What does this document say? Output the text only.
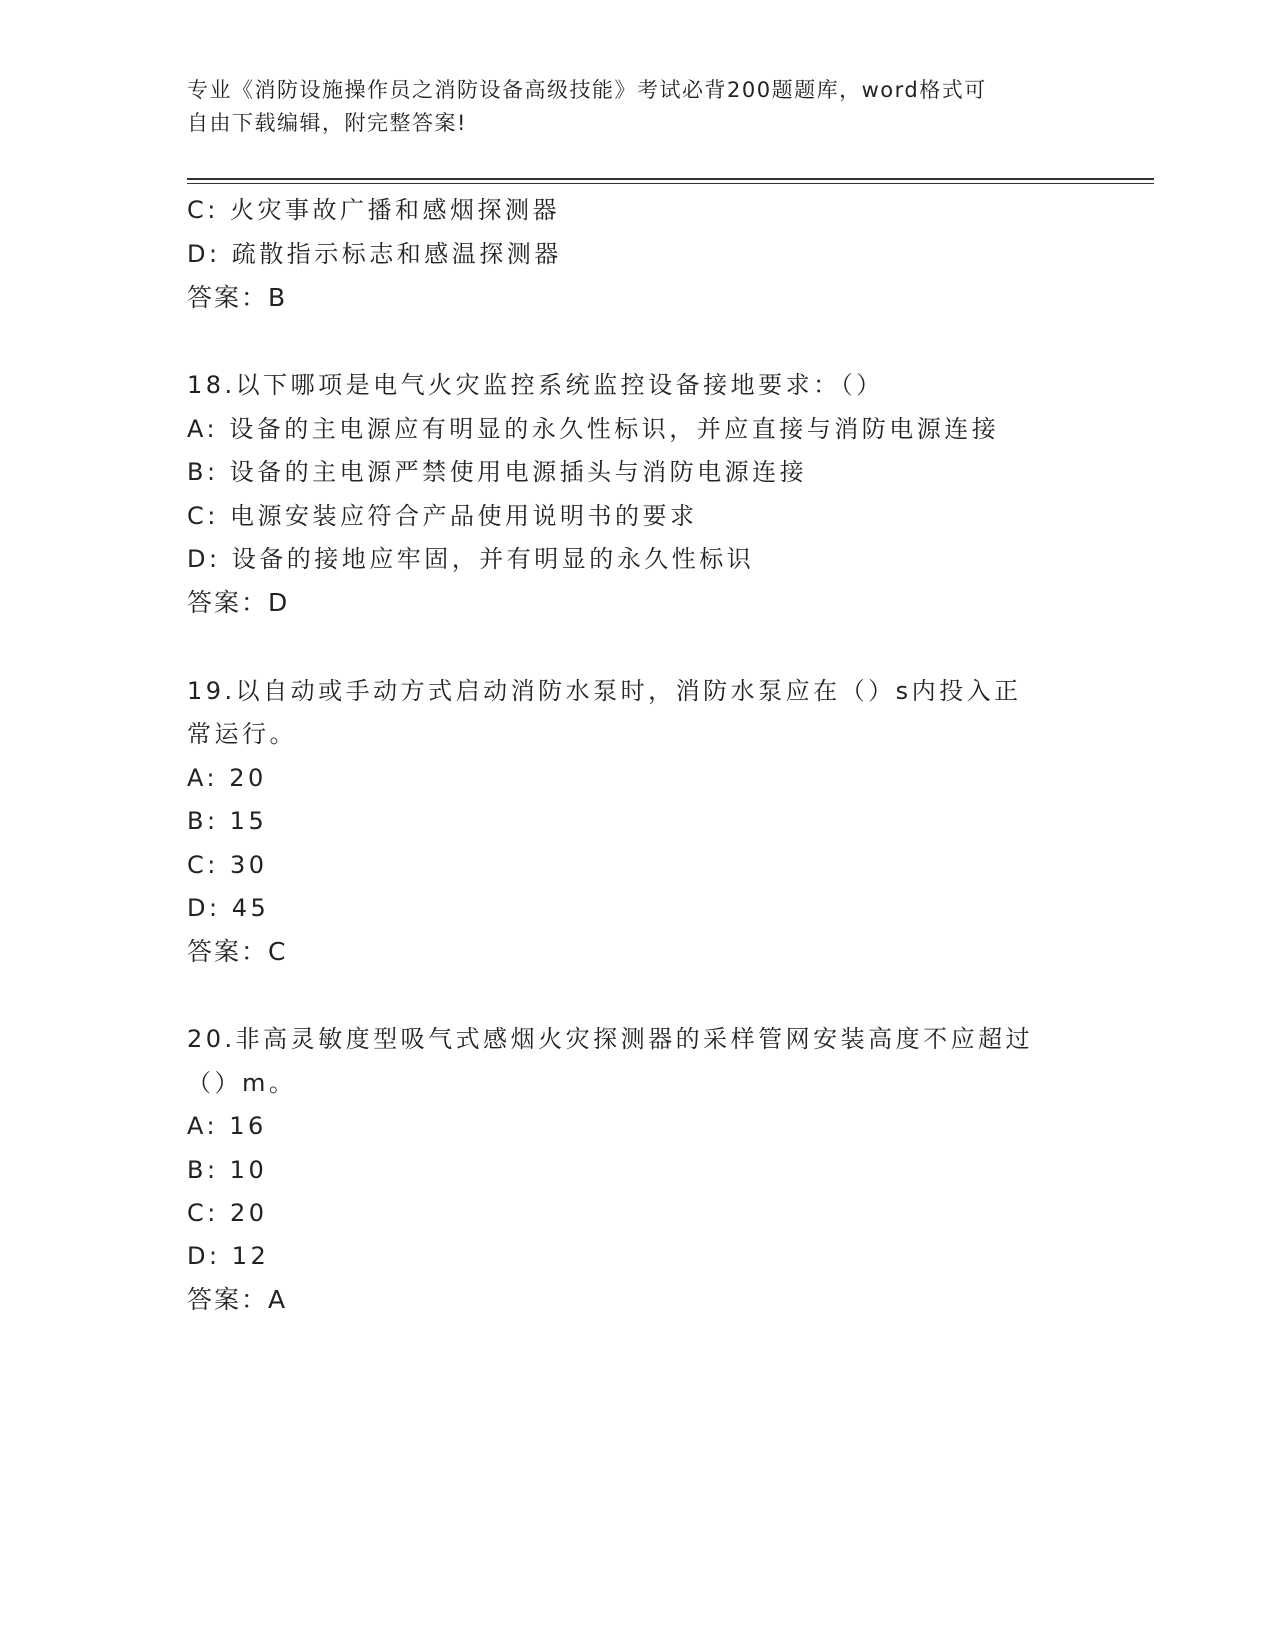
专业《消防设施操作员之消防设备高级技能》考试必背200题题库，word格式可
自由下载编辑，附完整答案!

C: 火灾事故广播和感烟探测器

D: 疏散指示标志和感温探测器

答案：B

18.以下哪项是电气火灾监控系统监控设备接地要求：（）

A: 设备的主电源应有明显的永久性标识，并应直接与消防电源连接

B: 设备的主电源严禁使用电源插头与消防电源连接

C: 电源安装应符合产品使用说明书的要求

D: 设备的接地应牢固，并有明显的永久性标识

答案：D

19.以自动或手动方式启动消防水泵时，消防水泵应在（）s内投入正

常运行。

A: 20

B: 15

C: 30

D: 45

答案：C

20.非高灵敏度型吸气式感烟火灾探测器的采样管网安装高度不应超过

（）m。

A: 16

B: 10

C: 20

D: 12

答案：A
